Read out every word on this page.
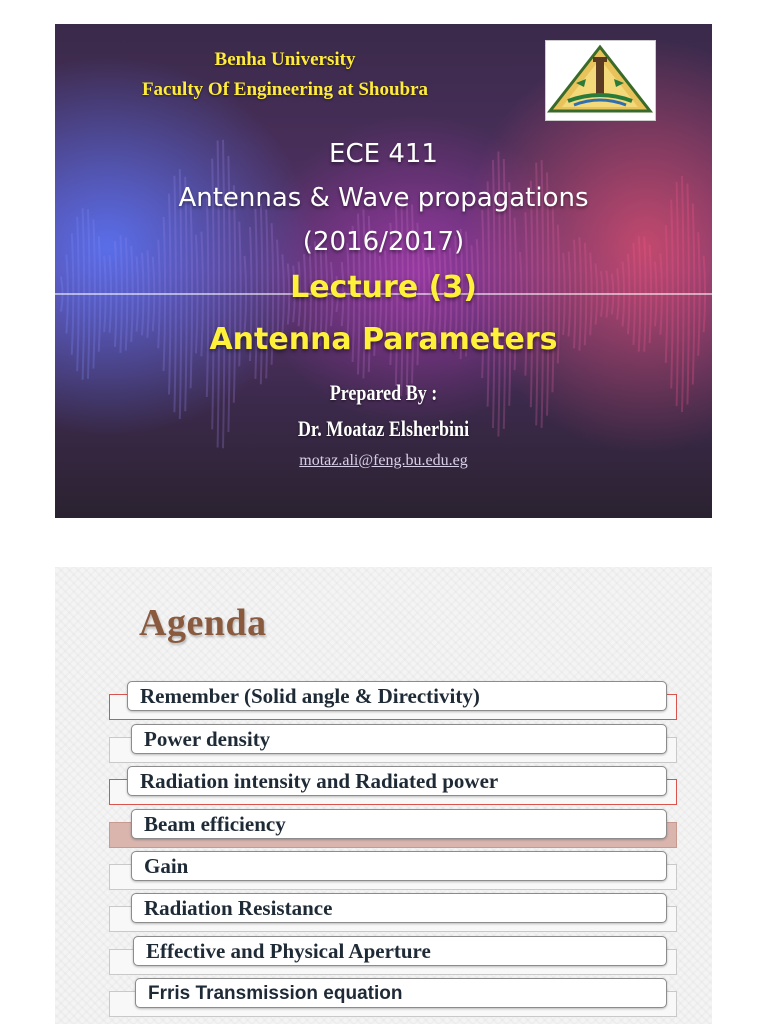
Benha University
Faculty Of Engineering at Shoubra
ECE 411
Antennas & Wave propagations
(2016/2017)
Lecture (3)
Antenna Parameters
Prepared By :
Dr. Moataz Elsherbini
motaz.ali@feng.bu.edu.eg
Agenda
Remember (Solid angle & Directivity)
Power density
Radiation intensity and Radiated power
Beam efficiency
Gain
Radiation Resistance
Effective and Physical Aperture
Frris Transmission equation
